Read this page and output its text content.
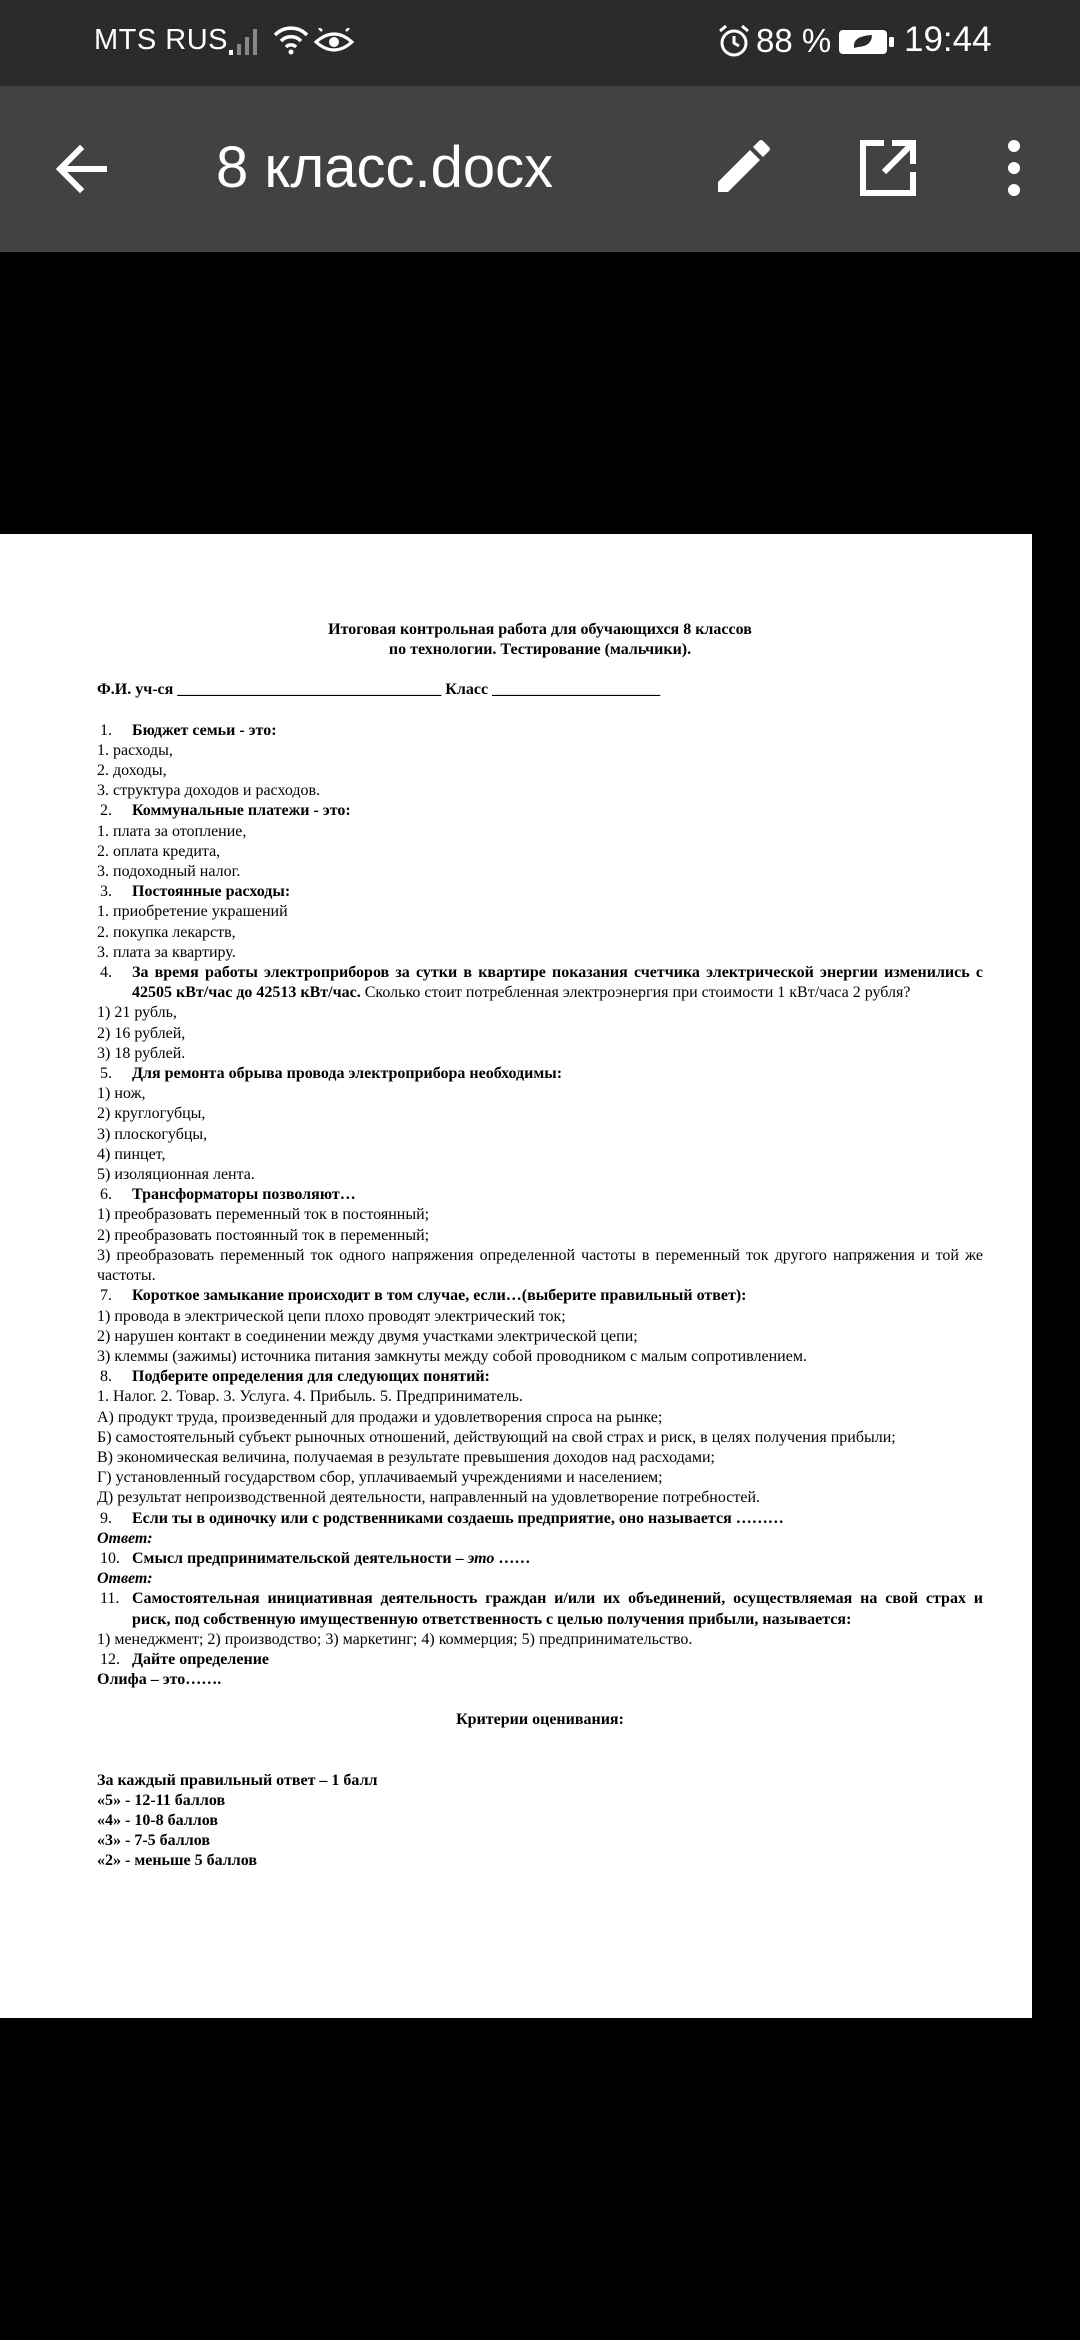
MTS RUS	88 % 19:44
8 класс.docx
Итоговая контрольная работа для обучающихся 8 классов
по технологии. Тестирование (мальчики).
Ф.И. уч-ся _________________________________ Класс _____________________
1. Бюджет семьи - это:
1. расходы,
2. доходы,
3. структура доходов и расходов.
2. Коммунальные платежи - это:
1. плата за отопление,
2. оплата кредита,
3. подоходный налог.
3. Постоянные расходы:
1. приобретение украшений
2. покупка лекарств,
3. плата за квартиру.
4. За время работы электроприборов за сутки в квартире показания счетчика электрической энергии изменились с 42505 кВт/час до 42513 кВт/час. Сколько стоит потребленная электроэнергия при стоимости 1 кВт/часа 2 рубля?
1) 21 рубль,
2) 16 рублей,
3) 18 рублей.
5. Для ремонта обрыва провода электроприбора необходимы:
1) нож,
2) круглогубцы,
3) плоскогубцы,
4) пинцет,
5) изоляционная лента.
6. Трансформаторы позволяют…
1) преобразовать переменный ток в постоянный;
2) преобразовать постоянный ток в переменный;
3) преобразовать переменный ток одного напряжения определенной частоты в переменный ток другого напряжения и той же частоты.
7. Короткое замыкание происходит в том случае, если…(выберите правильный ответ):
1) провода в электрической цепи плохо проводят электрический ток;
2) нарушен контакт в соединении между двумя участками электрической цепи;
3) клеммы (зажимы) источника питания замкнуты между собой проводником с малым сопротивлением.
8. Подберите определения для следующих понятий:
1. Налог. 2. Товар. 3. Услуга. 4. Прибыль. 5. Предприниматель.
А) продукт труда, произведенный для продажи и удовлетворения спроса на рынке;
Б) самостоятельный субъект рыночных отношений, действующий на свой страх и риск, в целях получения прибыли;
В) экономическая величина, получаемая в результате превышения доходов над расходами;
Г) установленный государством сбор, уплачиваемый учреждениями и населением;
Д) результат непроизводственной деятельности, направленный на удовлетворение потребностей.
9. Если ты в одиночку или с родственниками создаешь предприятие, оно называется ………
Ответ:
10. Смысл предпринимательской деятельности – это ……
Ответ:
11. Самостоятельная инициативная деятельность граждан и/или их объединений, осуществляемая на свой страх и риск, под собственную имущественную ответственность с целью получения прибыли, называется:
1) менеджмент; 2) производство; 3) маркетинг; 4) коммерция; 5) предпринимательство.
12. Дайте определение
Олифа – это…….
Критерии оценивания:
За каждый правильный ответ – 1 балл
«5» - 12-11 баллов
«4» - 10-8 баллов
«3» - 7-5 баллов
«2» - меньше 5 баллов
